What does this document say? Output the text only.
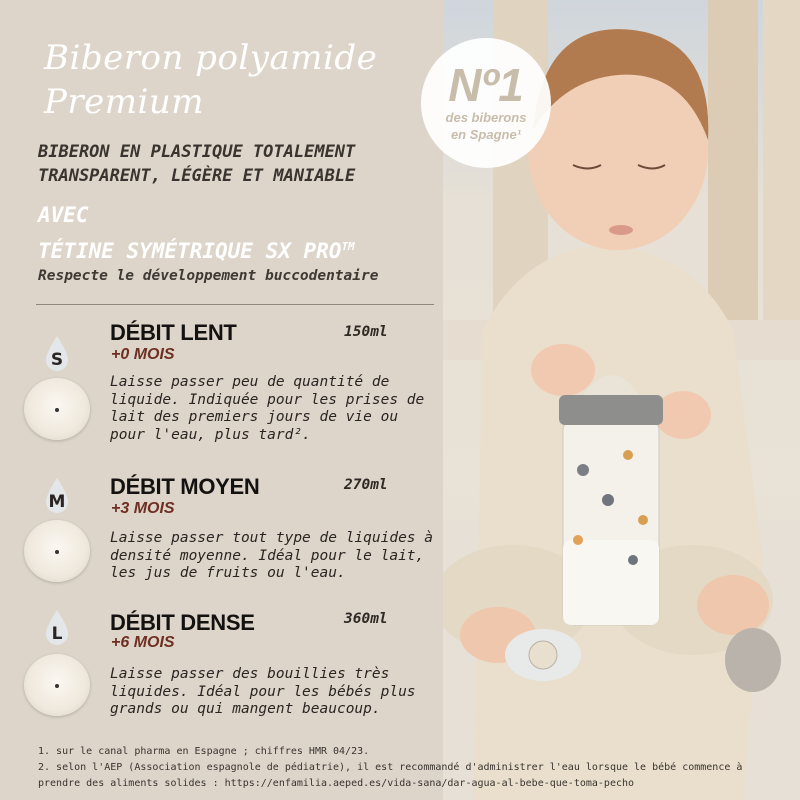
Biberon polyamide Premium
BIBERON EN PLASTIQUE TOTALEMENT TRANSPARENT, LÉGÈRE ET MANIABLE
AVEC
TÉTINE SYMÉTRIQUE SX PRO™
Respecte le développement buccodentaire
S
DÉBIT LENT	150ml
+0 MOIS
Laisse passer peu de quantité de liquide. Indiquée pour les prises de lait des premiers jours de vie ou pour l'eau, plus tard².
M
DÉBIT MOYEN	270ml
+3 MOIS
Laisse passer tout type de liquides à densité moyenne. Idéal pour le lait, les jus de fruits ou l'eau.
L	DÉBIT DENSE	360ml
+6 MOIS
Laisse passer des bouillies très liquides. Idéal pour les bébés plus grands ou qui mangent beaucoup.
Nº1
des biberons
en Spagne¹
1. sur le canal pharma en Espagne ; chiffres HMR 04/23.
2. selon l'AEP (Association espagnole de pédiatrie), il est recommandé d'administrer l'eau lorsque le bébé commence à prendre des aliments solides : https://enfamilia.aeped.es/vida-sana/dar-agua-al-bebe-que-toma-pecho
